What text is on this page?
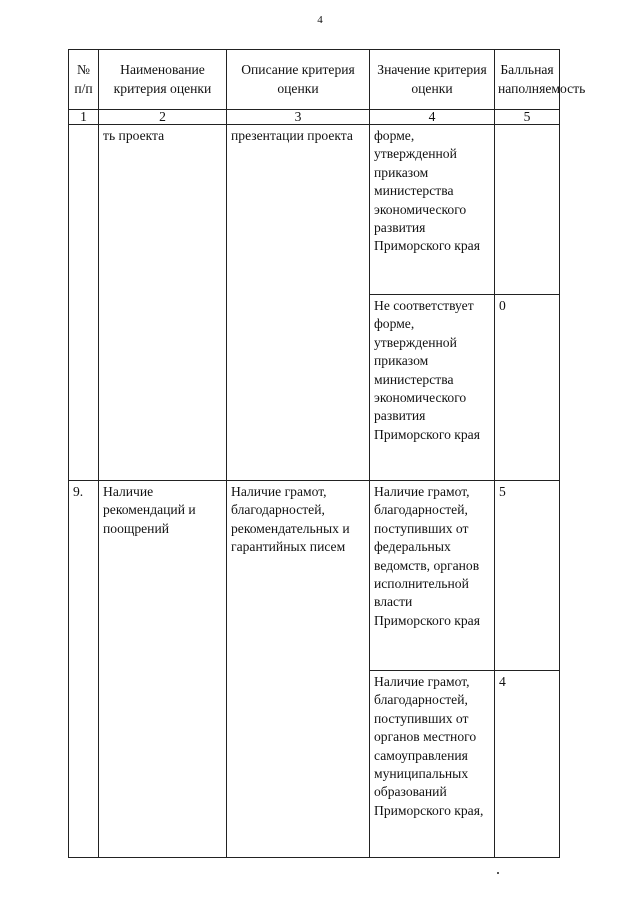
4
№ п/п	Наименование критерия оценки	Описание критерия оценки	Значение критерия оценки	Балльная наполняемость
1	2	3	4	5
	ть проекта	презентации проекта	форме, утвержденной приказом министерства экономического развития Приморского края	
			Не соответствует форме, утвержденной приказом министерства экономического развития Приморского края	0
9.	Наличие рекомендаций и поощрений	Наличие грамот, благодарностей, рекомендательных и гарантийных писем	Наличие грамот, благодарностей, поступивших от федеральных ведомств, органов исполнительной власти Приморского края	5
			Наличие грамот, благодарностей, поступивших от органов местного самоуправления муниципальных образований Приморского края,	4
